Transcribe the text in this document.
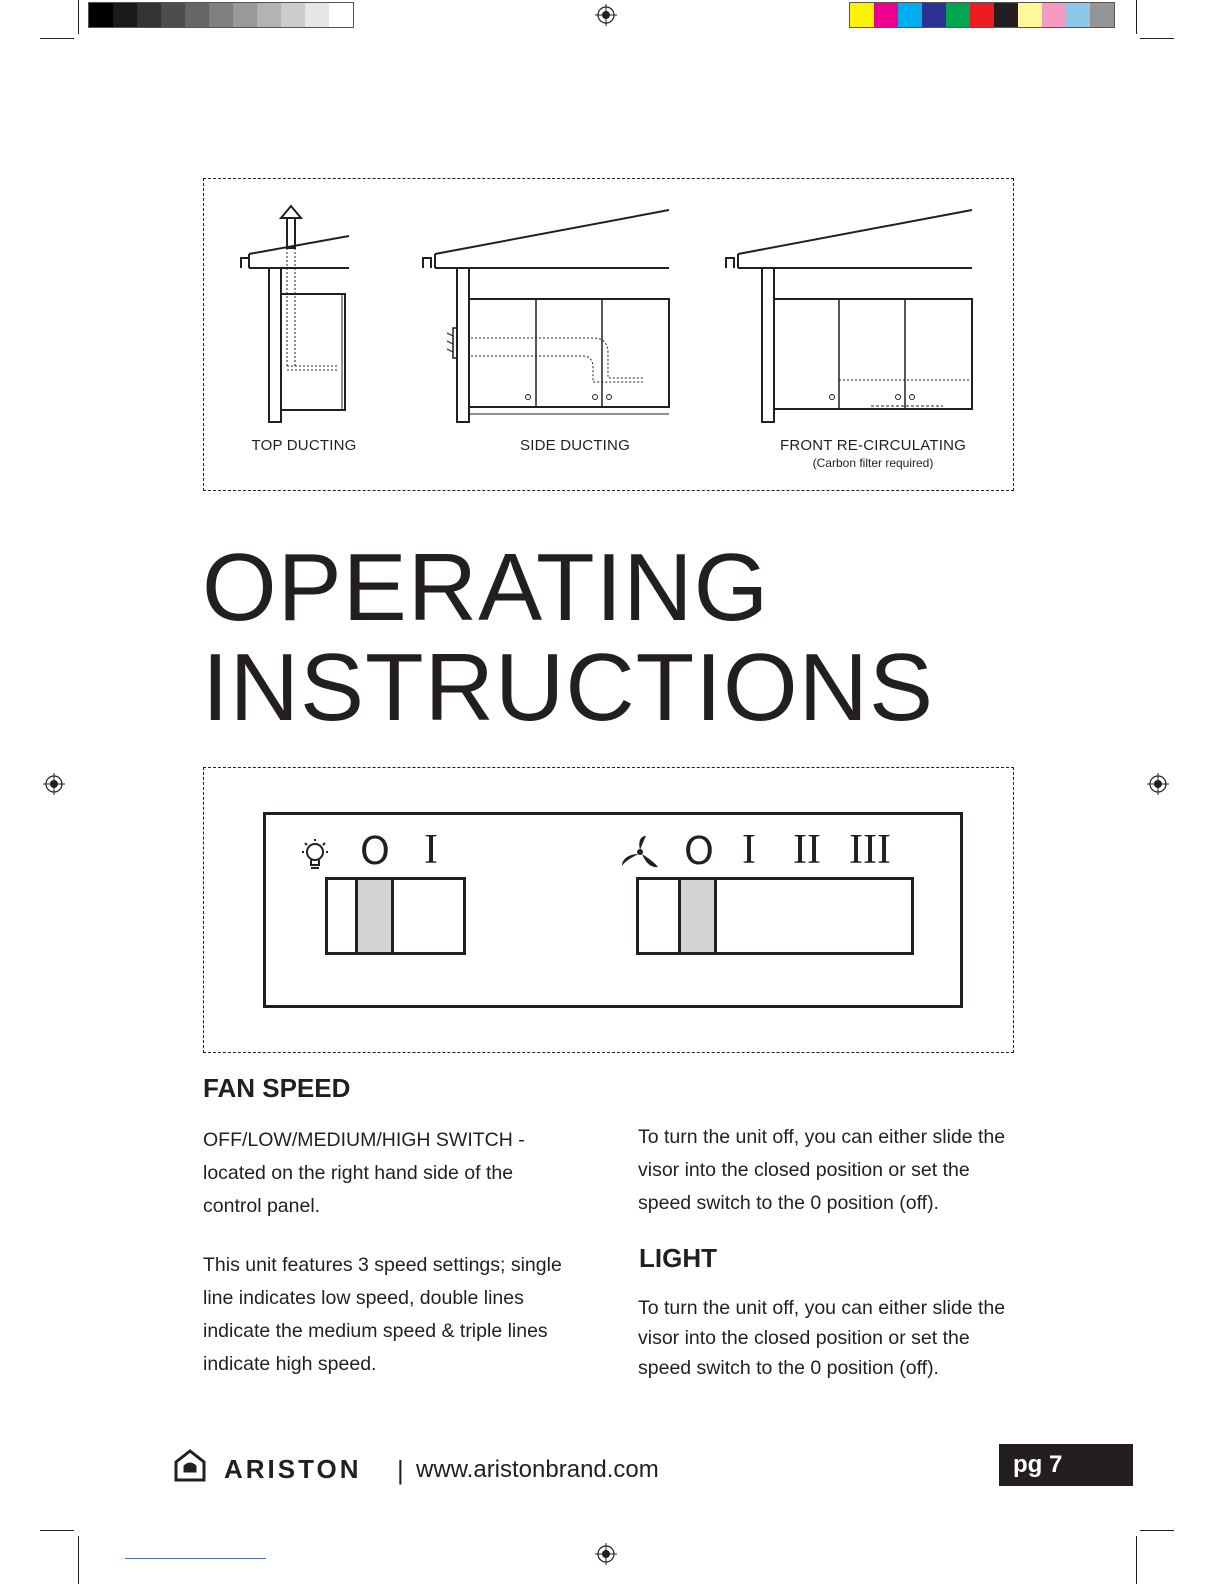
TOP DUCTING	SIDE DUCTING	FRONT RE-CIRCULATING
(Carbon filter required)
OPERATING
INSTRUCTIONS
O I	O I II III
FAN SPEED

OFF/LOW/MEDIUM/HIGH SWITCH - located on the right hand side of the control panel.

This unit features 3 speed settings; single line indicates low speed, double lines indicate the medium speed & triple lines indicate high speed.

To turn the unit off, you can either slide the visor into the closed position or set the speed switch to the 0 position (off).

LIGHT

To turn the unit off, you can either slide the visor into the closed position or set the speed switch to the 0 position (off).

ARISTON | www.aristonbrand.com	pg 7
